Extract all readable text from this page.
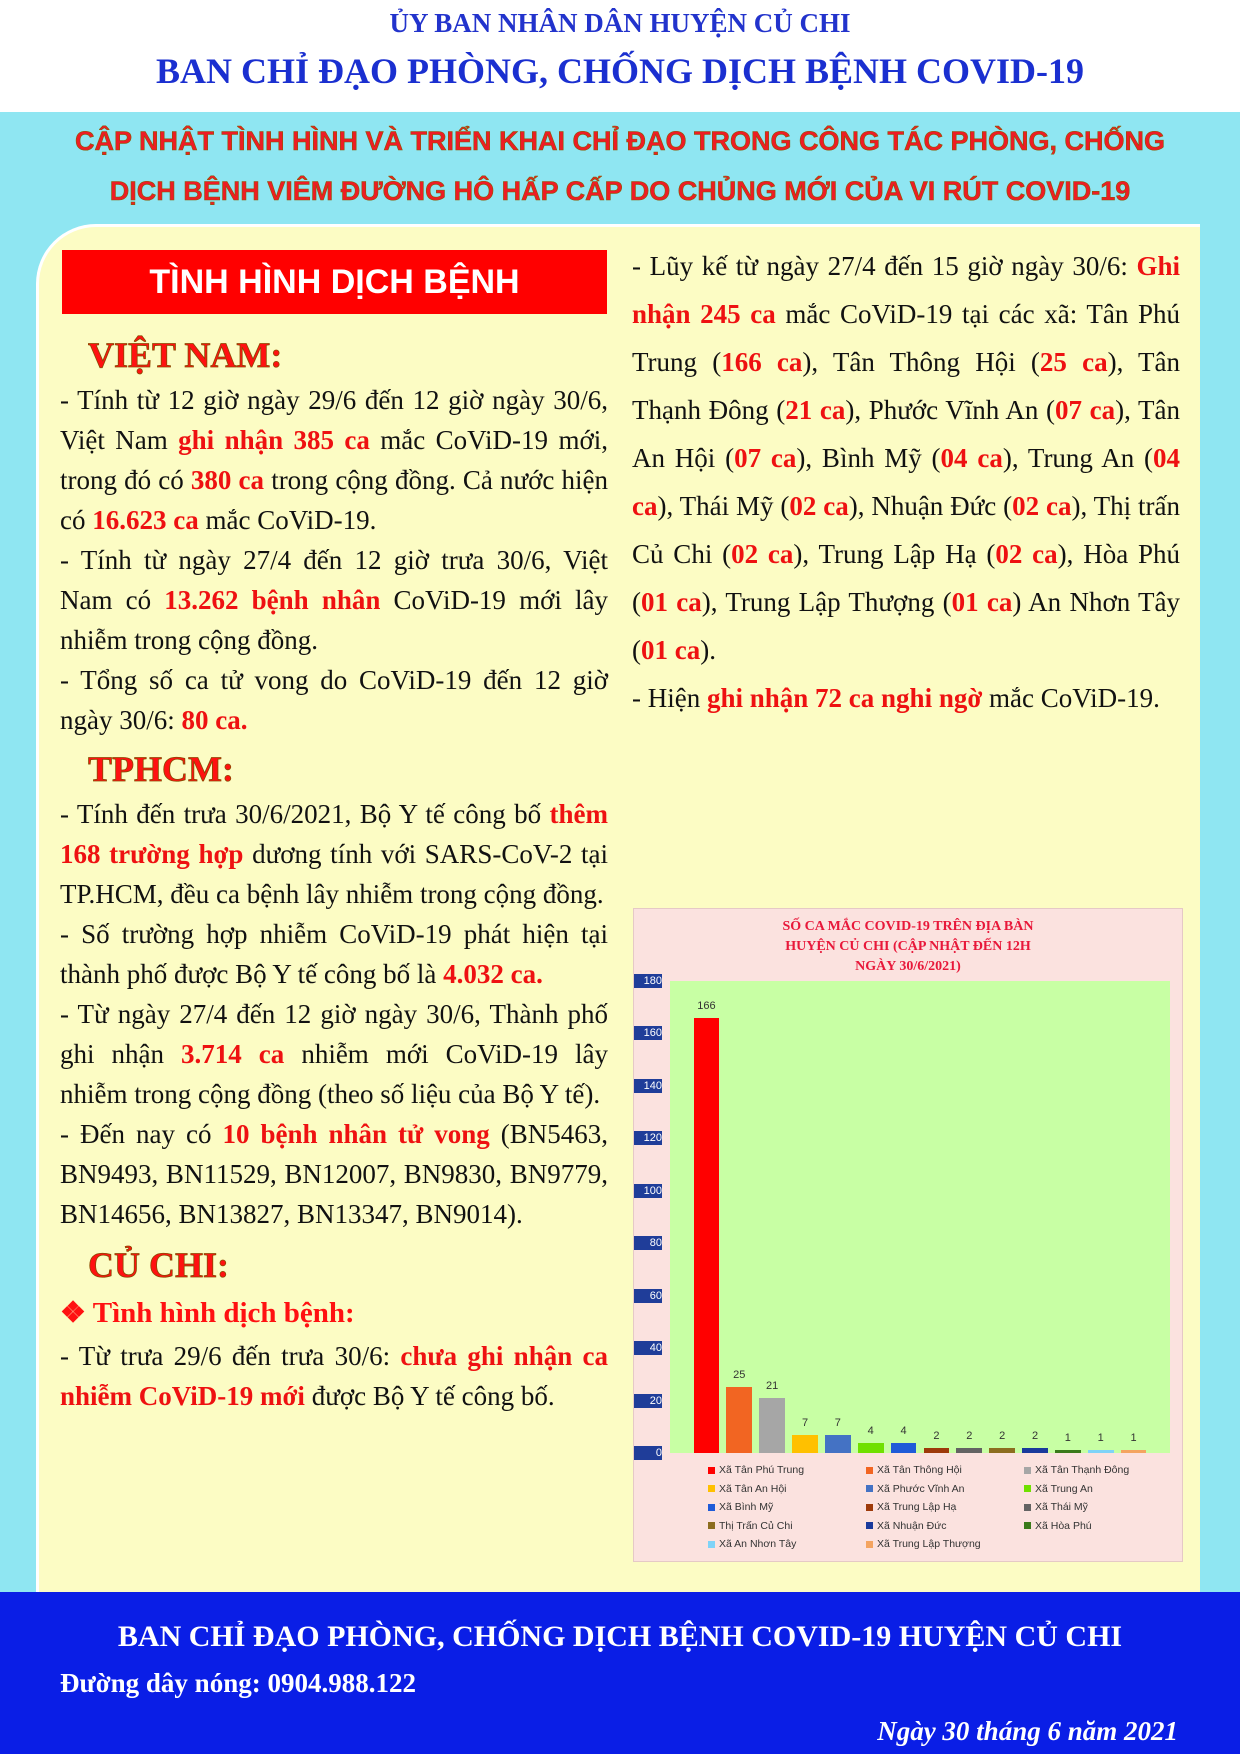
ỦY BAN NHÂN DÂN HUYỆN CỦ CHI
BAN CHỈ ĐẠO PHÒNG, CHỐNG DỊCH BỆNH COVID-19
CẬP NHẬT TÌNH HÌNH VÀ TRIỂN KHAI CHỈ ĐẠO TRONG CÔNG TÁC PHÒNG, CHỐNG
DỊCH BỆNH VIÊM ĐƯỜNG HÔ HẤP CẤP DO CHỦNG MỚI CỦA VI RÚT COVID-19
TÌNH HÌNH DỊCH BỆNH

VIỆT NAM:

- Tính từ 12 giờ ngày 29/6 đến 12 giờ ngày 30/6, Việt Nam ghi nhận 385 ca mắc CoViD-19 mới, trong đó có 380 ca trong cộng đồng. Cả nước hiện có 16.623 ca mắc CoViD-19.

- Tính từ ngày 27/4 đến 12 giờ trưa 30/6, Việt Nam có 13.262 bệnh nhân CoViD-19 mới lây nhiễm trong cộng đồng.

- Tổng số ca tử vong do CoViD-19 đến 12 giờ ngày 30/6: 80 ca.

TPHCM:

- Tính đến trưa 30/6/2021, Bộ Y tế công bố thêm 168 trường hợp dương tính với SARS-CoV-2 tại TP.HCM, đều ca bệnh lây nhiễm trong cộng đồng.

- Số trường hợp nhiễm CoViD-19 phát hiện tại thành phố được Bộ Y tế công bố là 4.032 ca.

- Từ ngày 27/4 đến 12 giờ ngày 30/6, Thành phố ghi nhận 3.714 ca nhiễm mới CoViD-19 lây nhiễm trong cộng đồng (theo số liệu của Bộ Y tế).

- Đến nay có 10 bệnh nhân tử vong (BN5463, BN9493, BN11529, BN12007, BN9830, BN9779, BN14656, BN13827, BN13347, BN9014).

CỦ CHI:

❖ Tình hình dịch bệnh:

- Từ trưa 29/6 đến trưa 30/6: chưa ghi nhận ca nhiễm CoViD-19 mới được Bộ Y tế công bố.

- Lũy kế từ ngày 27/4 đến 15 giờ ngày 30/6: Ghi nhận 245 ca mắc CoViD-19 tại các xã: Tân Phú Trung (166 ca), Tân Thông Hội (25 ca), Tân Thạnh Đông (21 ca), Phước Vĩnh An (07 ca), Tân An Hội (07 ca), Bình Mỹ (04 ca), Trung An (04 ca), Thái Mỹ (02 ca), Nhuận Đức (02 ca), Thị trấn Củ Chi (02 ca), Trung Lập Hạ (02 ca), Hòa Phú (01 ca), Trung Lập Thượng (01 ca) An Nhơn Tây (01 ca).

- Hiện ghi nhận 72 ca nghi ngờ mắc CoViD-19.

SỐ CA MẮC COVID-19 TRÊN ĐỊA BÀN
HUYỆN CỦ CHI (CẬP NHẬT ĐẾN 12H
NGÀY 30/6/2021)
166
25
21
7	7
4	4	2	2	2	2	1	1	1
Xã Tân Phú Trung	Xã Tân Thông Hội	Xã Tân Thạnh Đông
Xã Tân An Hội	Xã Phước Vĩnh An	Xã Trung An
Xã Bình Mỹ	Xã Trung Lập Hạ	Xã Thái Mỹ
Thị Trấn Củ Chi	Xã Nhuận Đức	Xã Hòa Phú
Xã An Nhơn Tây	Xã Trung Lập Thượng
0
20
40
60
80
100
120
140
160
180
BAN CHỈ ĐẠO PHÒNG, CHỐNG DỊCH BỆNH COVID-19 HUYỆN CỦ CHI
Đường dây nóng: 0904.988.122
Ngày 30 tháng 6 năm 2021
